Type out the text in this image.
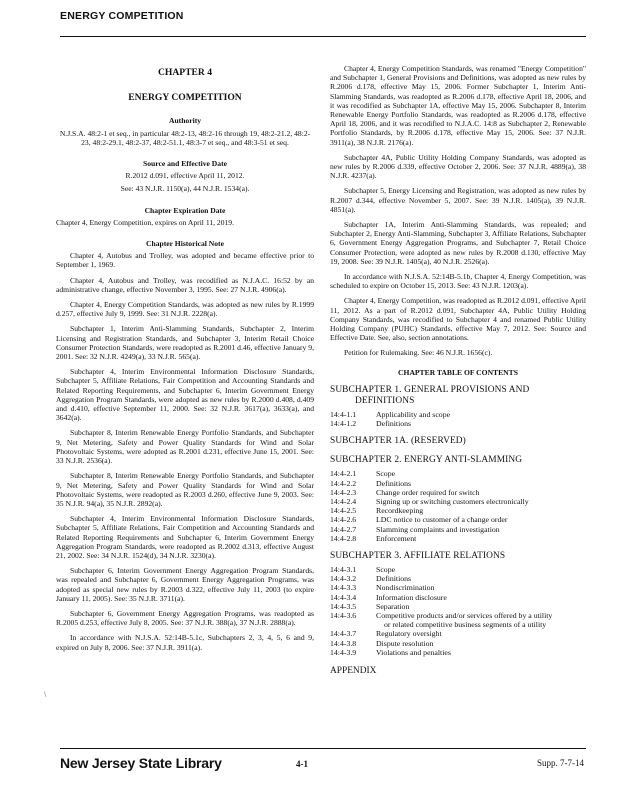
ENERGY COMPETITION
CHAPTER 4
ENERGY COMPETITION
Authority
N.J.S.A. 48:2-1 et seq., in particular 48:2-13, 48:2-16 through 19, 48:2-21.2, 48:2-23, 48:2-29.1, 48:2-37, 48:2-51.1, 48:3-7 et seq., and 48:3-51 et seq.
Source and Effective Date
R.2012 d.091, effective April 11, 2012.
See: 43 N.J.R. 1150(a), 44 N.J.R. 1534(a).
Chapter Expiration Date

Chapter 4, Energy Competition, expires on April 11, 2019.

Chapter Historical Note

Chapter 4, Autobus and Trolley, was adopted and became effective prior to September 1, 1969.

Chapter 4, Autobus and Trolley, was recodified as N.J.A.C. 16:52 by an administrative change, effective November 3, 1995. See: 27 N.J.R. 4906(a).

Chapter 4, Energy Competition Standards, was adopted as new rules by R.1999 d.257, effective July 9, 1999. See: 31 N.J.R. 2228(a).

Subchapter 1, Interim Anti-Slamming Standards, Subchapter 2, Interim Licensing and Registration Standards, and Subchapter 3, Interim Retail Choice Consumer Protection Standards, were readopted as R.2001 d.46, effective January 9, 2001. See: 32 N.J.R. 4249(a), 33 N.J.R. 565(a).

Subchapter 4, Interim Environmental Information Disclosure Standards, Subchapter 5, Affiliate Relations, Fair Competition and Accounting Standards and Related Reporting Requirements, and Subchapter 6, Interim Government Energy Aggregation Program Standards, were adopted as new rules by R.2000 d.408, d.409 and d.410, effective September 11, 2000. See: 32 N.J.R. 3617(a), 3633(a), and 3642(a).

Subchapter 8, Interim Renewable Energy Portfolio Standards, and Subchapter 9, Net Metering, Safety and Power Quality Standards for Wind and Solar Photovoltaic Systems, were adopted as R.2001 d.231, effective June 15, 2001. See: 33 N.J.R. 2536(a).

Subchapter 8, Interim Renewable Energy Portfolio Standards, and Subchapter 9, Net Metering, Safety and Power Quality Standards for Wind and Solar Photovoltaic Systems, were readopted as R.2003 d.260, effective June 9, 2003. See: 35 N.J.R. 94(a), 35 N.J.R. 2892(a).

Subchapter 4, Interim Environmental Information Disclosure Standards, Subchapter 5, Affiliate Relations, Fair Competition and Accounting Standards and Related Reporting Requirements and Subchapter 6, Interim Government Energy Aggregation Program Standards, were readopted as R.2002 d.313, effective August 21, 2002. See: 34 N.J.R. 1524(d), 34 N.J.R. 3230(a).

Subchapter 6, Interim Government Energy Aggregation Program Standards, was repealed and Subchapter 6, Government Energy Aggregation Programs, was adopted as special new rules by R.2003 d.322, effective July 11, 2003 (to expire January 11, 2005). See: 35 N.J.R. 3711(a).

Subchapter 6, Government Energy Aggregation Programs, was readopted as R.2005 d.253, effective July 8, 2005. See: 37 N.J.R. 388(a), 37 N.J.R. 2888(a).

In accordance with N.J.S.A. 52:14B-5.1c, Subchapters 2, 3, 4, 5, 6 and 9, expired on July 8, 2006. See: 37 N.J.R. 3911(a).

Chapter 4, Energy Competition Standards, was renamed "Energy Competition" and Subchapter 1, General Provisions and Definitions, was adopted as new rules by R.2006 d.178, effective May 15, 2006. Former Subchapter 1, Interim Anti-Slamming Standards, was readopted as R.2006 d.178, effective April 18, 2006, and it was recodified as Subchapter 1A, effective May 15, 2006. Subchapter 8, Interim Renewable Energy Portfolio Standards, was readopted as R.2006 d.178, effective April 18, 2006, and it was recodified to N.J.A.C. 14:8 as Subchapter 2, Renewable Portfolio Standards, by R.2006 d.178, effective May 15, 2006. See: 37 N.J.R. 3911(a), 38 N.J.R. 2176(a).

Subchapter 4A, Public Utility Holding Company Standards, was adopted as new rules by R.2006 d.339, effective October 2, 2006. See: 37 N.J.R. 4889(a), 38 N.J.R. 4237(a).

Subchapter 5, Energy Licensing and Registration, was adopted as new rules by R.2007 d.344, effective November 5, 2007. See: 39 N.J.R. 1405(a), 39 N.J.R. 4851(a).

Subchapter 1A, Interim Anti-Slamming Standards, was repealed; and Subchapter 2, Energy Anti-Slamming, Subchapter 3, Affiliate Relations, Subchapter 6, Government Energy Aggregation Programs, and Subchapter 7, Retail Choice Consumer Protection, were adopted as new rules by R.2008 d.130, effective May 19, 2008. See: 39 N.J.R. 1405(a), 40 N.J.R. 2526(a).

In accordance with N.J.S.A. 52:14B-5.1b, Chapter 4, Energy Competition, was scheduled to expire on October 15, 2013. See: 43 N.J.R. 1203(a).

Chapter 4, Energy Competition, was readopted as R.2012 d.091, effective April 11, 2012. As a part of R.2012 d.091, Subchapter 4A, Public Utility Holding Company Standards, was recodified to Subchapter 4 and renamed Public Utility Holding Company (PUHC) Standards, effective May 7, 2012. See: Source and Effective Date. See, also, section annotations.

Petition for Rulemaking. See: 46 N.J.R. 1656(c).

CHAPTER TABLE OF CONTENTS
SUBCHAPTER 1. GENERAL PROVISIONS AND
DEFINITIONS
14:4-1.1	Applicability and scope
14:4-1.2	Definitions
SUBCHAPTER 1A. (RESERVED)
SUBCHAPTER 2. ENERGY ANTI-SLAMMING
14:4-2.1	Scope
14:4-2.2	Definitions
14:4-2.3	Change order required for switch
14:4-2.4	Signing up or switching customers electronically
14:4-2.5	Recordkeeping
14:4-2.6	LDC notice to customer of a change order
14:4-2.7	Slamming complaints and investigation
14:4-2.8	Enforcement
SUBCHAPTER 3. AFFILIATE RELATIONS
14:4-3.1	Scope
14:4-3.2	Definitions
14:4-3.3	Nondiscrimination
14:4-3.4	Information disclosure
14:4-3.5	Separation
14:4-3.6	Competitive products and/or services offered by a utility
or related competitive business segments of a utility
14:4-3.7	Regulatory oversight
14:4-3.8	Dispute resolution
14:4-3.9	Violations and penalties
APPENDIX
\
New Jersey State Library	4-1	Supp. 7-7-14
